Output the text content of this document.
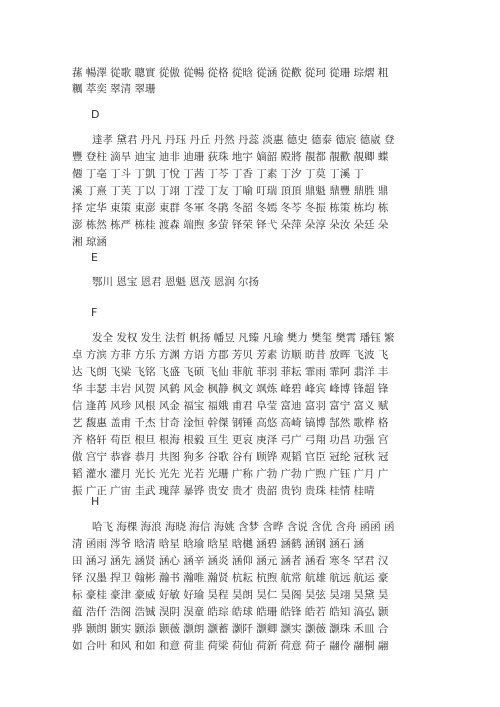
蓀 暢澤 從歌 聰實 從傲 從暢 從格 從晗 從涵 從歡 從珂 從珊 琮熠 粗
糲 萃奕 翠清 翠珊
D
達孝 黛君 丹凡 丹珏 丹丘 丹然 丹蕊 淡惠 德史 德泰 德宸 德崴 登
豐 登柱 滴旱 迪宝 迪非 迪珊 荻珠 地宇 嫡韶 殿將 靚都 靚歡 靚卿 蝶
僊 丁亳 丁斗 丁凱 丁悅 丁茜 丁芩 丁香 丁素 丁汐 丁莫 丁溪 丁
溪 丁熹 丁芙 丁以 丁翊 丁滢 丁友 丁喻 叮瑞 頂頂 鼎魁 鼎豐 鼎胜 鼎
择 定华 東策 東澎 東群 冬軍 冬鹃 冬韶 冬嫣 冬芩 冬振 栋策 栋均 栋
澎 栋然 栋严 栋桂 渡森 端煦 多萤 铎荣 铎弋 朵萍 朵淳 朵汝 朵廷 朵
湘 琼涵
E
鄂川 恩宝 恩君 恩魁 恩茂 恩润 尔扬
F
发全 发权 发生 法哲 帆扬 幡昱 凡臻 凡瑜 樊力 樊玺 樊霄 璠钰 繁
卓 方滨 方菲 方乐 方渊 方语 方郡 芳贝 芳素 访顺 昉昔 放晖 飞波 飞
达 飞朗 飞梁 飞铭 飞盛 飞硕 飞仙 菲航 菲羽 菲耘 霏雨 霏阿 翡洋 丰
华 丰瑟 丰岩 风贺 风鹤 风金 枫静 枫文 飒炼 峰碧 峰宾 峰博 锋超 锋
信 逢苒 风珍 风根 风金 福宝 福娥 甫君 阜莹 富迪 富羽 富宁 富义 赋
艺 馥惠 盖甫 千杰 甘奇 淦恒 幹傑 钢锤 高悠 高崎 镐博 郜然 歌桦 格
齐 格轩 苟臣 根旦 根海 根毅 亘生 更哀 庚泽 弓广 弓翔 功昌 功强 宫
傲 宫宁 恭睿 恭月 共图 狗多 谷歌 谷有 顾铧 观韬 官臣 冠纶 冠秋 冠
韬 灌水 灌月 光长 光先 光若 光珊 广称 广勃 广勃 广煦 广钰 广月 广
振 广正 广宙 圭武 瑰萍 暴铧 贵安 贵才 贵韶 贵钧 贵珠 桂情 桂晴
H
哈飞 海棵 海浪 海晓 海信 海姚 含梦 含晔 含说 含优 含舟 函函 函
清 函雨 涔爷 晗清 晗星 晗瑜 晗星 晗樾 涵碧 涵鹤 涵钢 涵石 涵
田 涵习 涵先 涵贤 涵心 涵辛 涵炎 涵仰 涵元 涵者 涵看 寒冬 罕君 汉
铎 汉墨 捍卫 翰彬 瀚书 瀚唯 瀚贤 杭耘 杭煦 航常 航雄 航远 航运 豪
标 豪桂 豪津 豪威 好敏 好瑜 昊程 昊朗 昊仁 昊阁 昊弦 昊翊 昊黛 昊
蕴 浩仟 浩阁 浩铖 淏阴 淏童 皓琮 皓球 皓珊 皓锋 皓若 皓知 滈弘 颢
骅 颢朗 颢实 颢添 颢薇 灏朗 灏蓄 灏阡 灏卿 灏实 灏薇 灏珠 禾皿 合
如 合叶 和风 和如 和意 荷韭 荷梁 荷仙 荷新 荷意 荷子 翮伶 翮桐 翮
